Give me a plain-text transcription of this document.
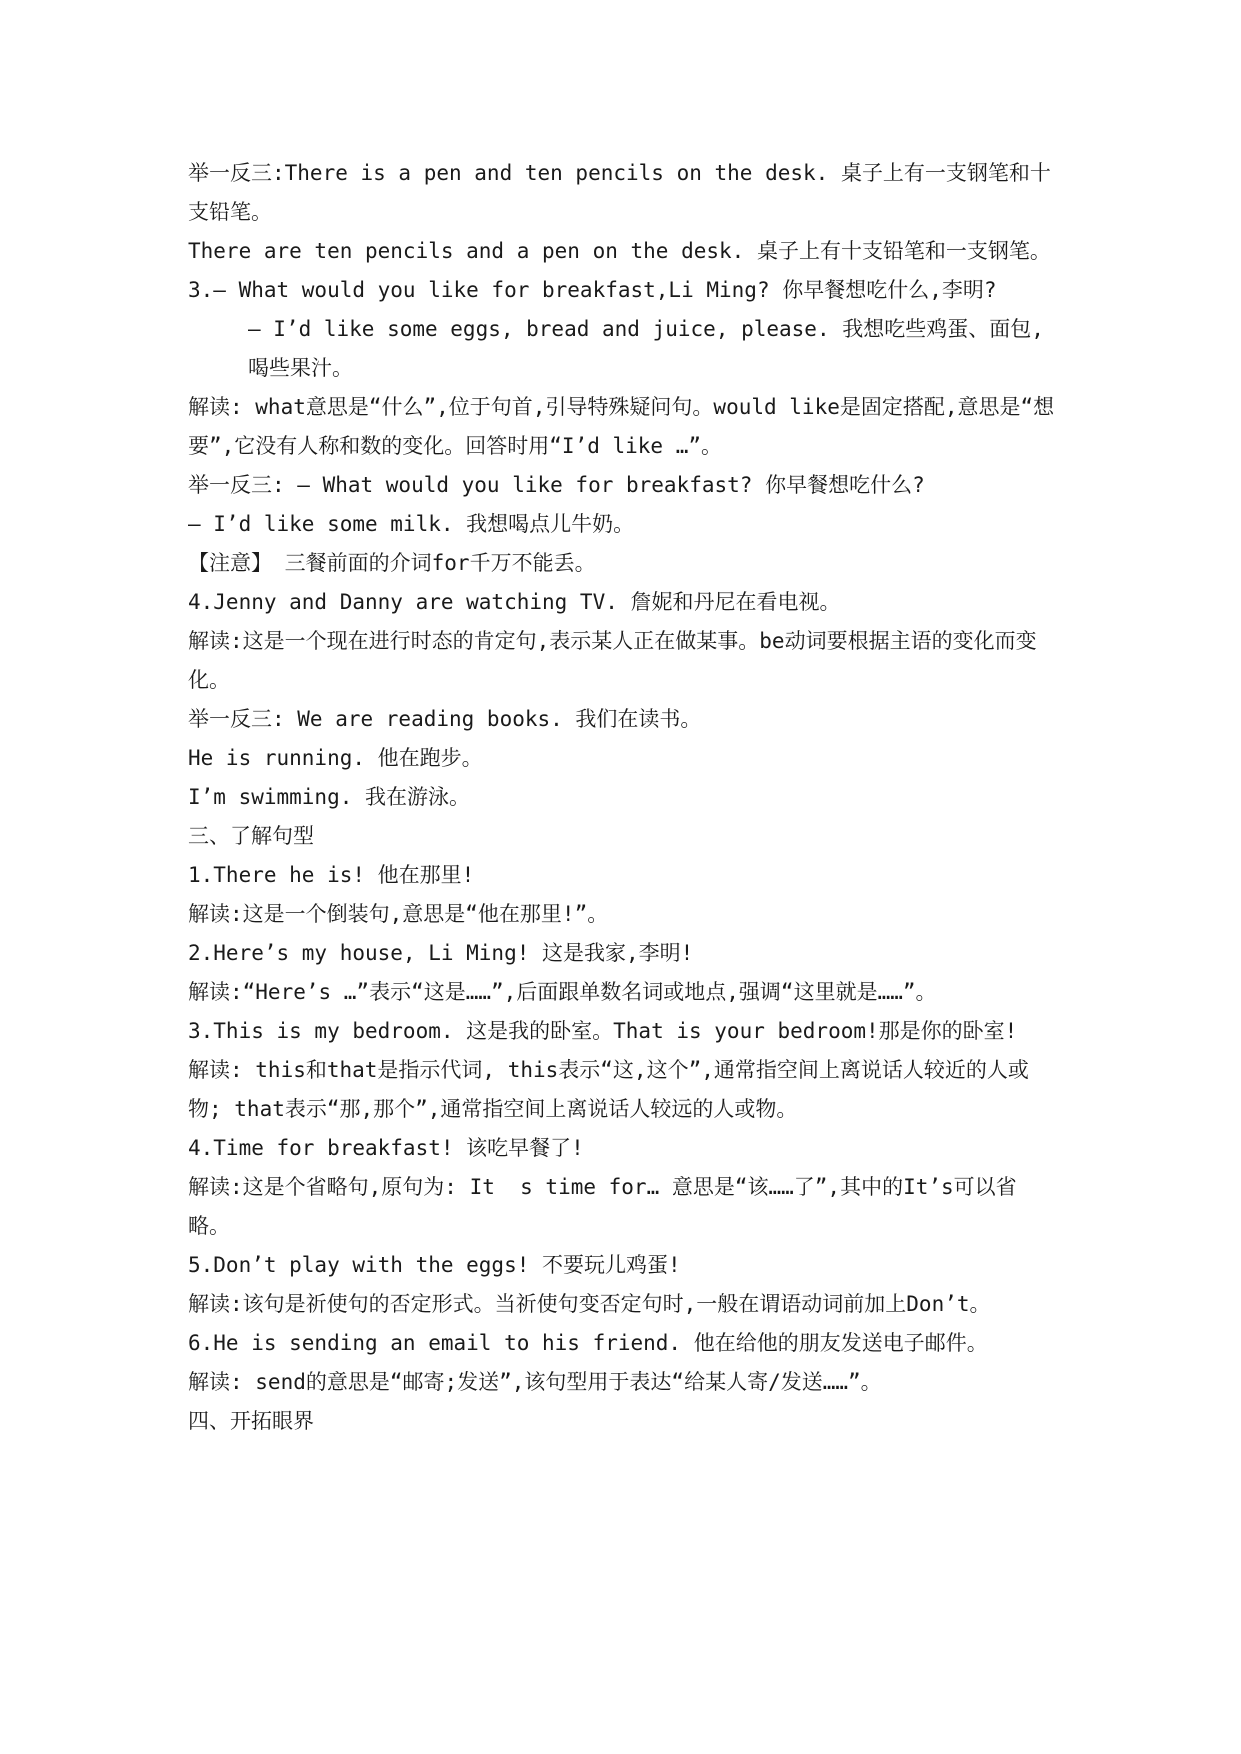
举一反三:There is a pen and ten pencils on the desk. 桌子上有一支钢笔和十支铅笔。

There are ten pencils and a pen on the desk. 桌子上有十支铅笔和一支钢笔。

3.— What would you like for breakfast,Li Ming? 你早餐想吃什么,李明?

— I’d like some eggs, bread and juice, please. 我想吃些鸡蛋、面包,喝些果汁。

解读: what意思是“什么”,位于句首,引导特殊疑问句。would like是固定搭配,意思是“想要”,它没有人称和数的变化。回答时用“I’d like …”。

举一反三: — What would you like for breakfast? 你早餐想吃什么?

— I’d like some milk. 我想喝点儿牛奶。

【注意】 三餐前面的介词for千万不能丢。

4.Jenny and Danny are watching TV. 詹妮和丹尼在看电视。

解读:这是一个现在进行时态的肯定句,表示某人正在做某事。be动词要根据主语的变化而变化。

举一反三: We are reading books. 我们在读书。

He is running. 他在跑步。

I’m swimming. 我在游泳。

三、了解句型

1.There he is! 他在那里!

解读:这是一个倒装句,意思是“他在那里!”。

2.Here’s my house, Li Ming! 这是我家,李明!

解读:“Here’s …”表示“这是……”,后面跟单数名词或地点,强调“这里就是……”。

3.This is my bedroom. 这是我的卧室。That is your bedroom!那是你的卧室!

解读: this和that是指示代词, this表示“这,这个”,通常指空间上离说话人较近的人或物; that表示“那,那个”,通常指空间上离说话人较远的人或物。

4.Time for breakfast! 该吃早餐了!

解读:这是个省略句,原句为: It  s time for… 意思是“该……了”,其中的It’s可以省略。

5.Don’t play with the eggs! 不要玩儿鸡蛋!

解读:该句是祈使句的否定形式。当祈使句变否定句时,一般在谓语动词前加上Don’t。

6.He is sending an email to his friend. 他在给他的朋友发送电子邮件。

解读: send的意思是“邮寄;发送”,该句型用于表达“给某人寄/发送……”。

四、开拓眼界
